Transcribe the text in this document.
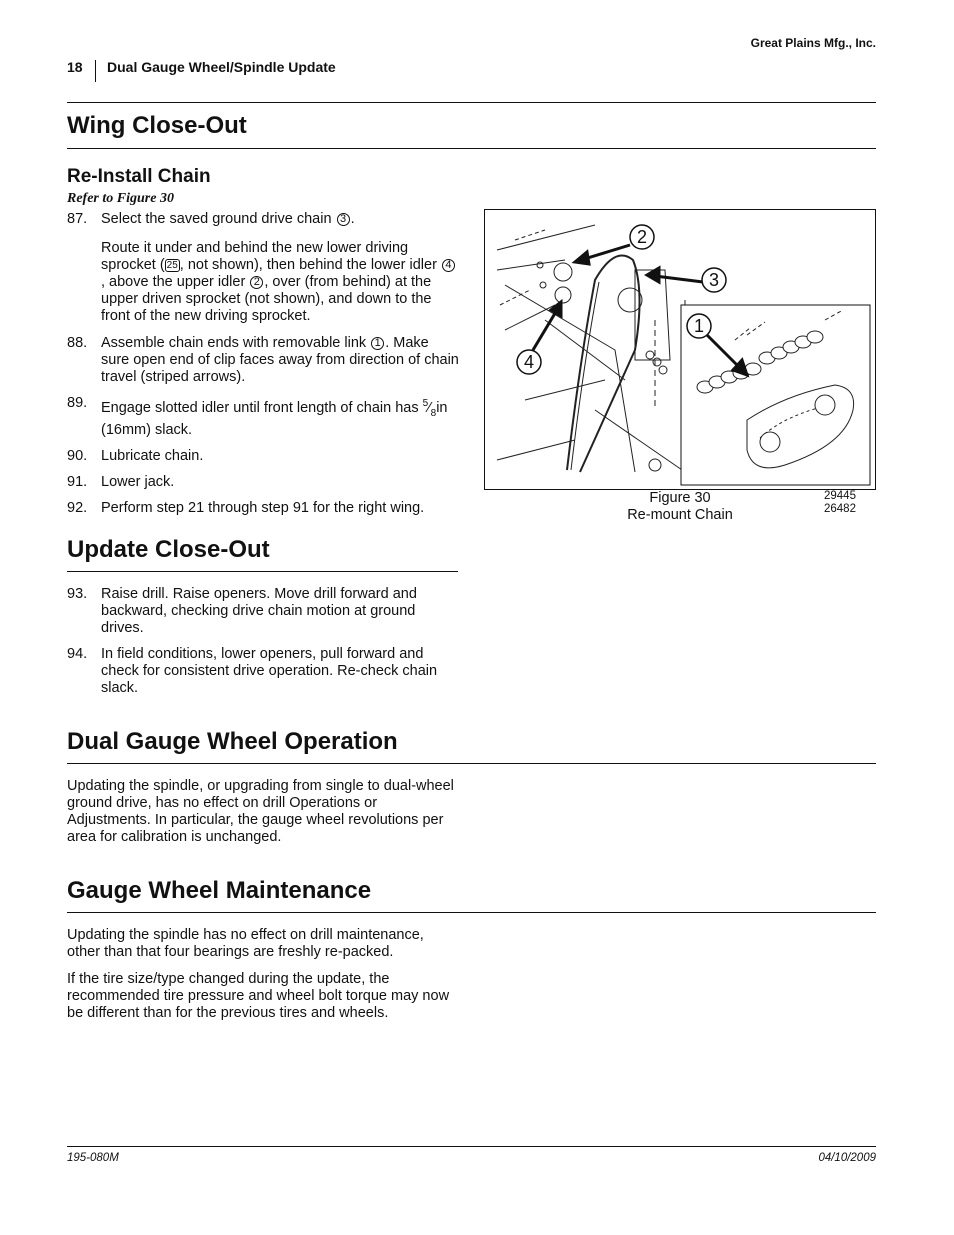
Great Plains Mfg., Inc.
18 Dual Gauge Wheel/Spindle Update
Wing Close-Out
Re-Install Chain
Refer to Figure 30
87. Select the saved ground drive chain 3 .

Route it under and behind the new lower driving sprocket ( 25 , not shown), then behind the lower idler 4, above the upper idler 2 , over (from behind) at the upper driven sprocket (not shown), and down to the front of the new driving sprocket.

88. Assemble chain ends with removable link 1 . Make sure open end of clip faces away from direction of chain travel (striped arrows).
89. Engage slotted idler until front length of chain has $^5⁄_8in$ (16mm) slack.
90. Lubricate chain.
91. Lower jack.
92. Perform step 21 through step 91 for the right wing.
2
3
1
4
Figure 30
Re-mount Chain
29445
26482
Update Close-Out
93. Raise drill. Raise openers. Move drill forward and backward, checking drive chain motion at ground drives.
94. In field conditions, lower openers, pull forward and check for consistent drive operation. Re-check chain slack.
Dual Gauge Wheel Operation

Updating the spindle, or upgrading from single to dual-wheel ground drive, has no effect on drill Operations or Adjustments. In particular, the gauge wheel revolutions per area for calibration is unchanged.

Gauge Wheel Maintenance

Updating the spindle has no effect on drill maintenance, other than that four bearings are freshly re-packed.

If the tire size/type changed during the update, the recommended tire pressure and wheel bolt torque may now be different than for the previous tires and wheels.

195-080M	04/10/2009
